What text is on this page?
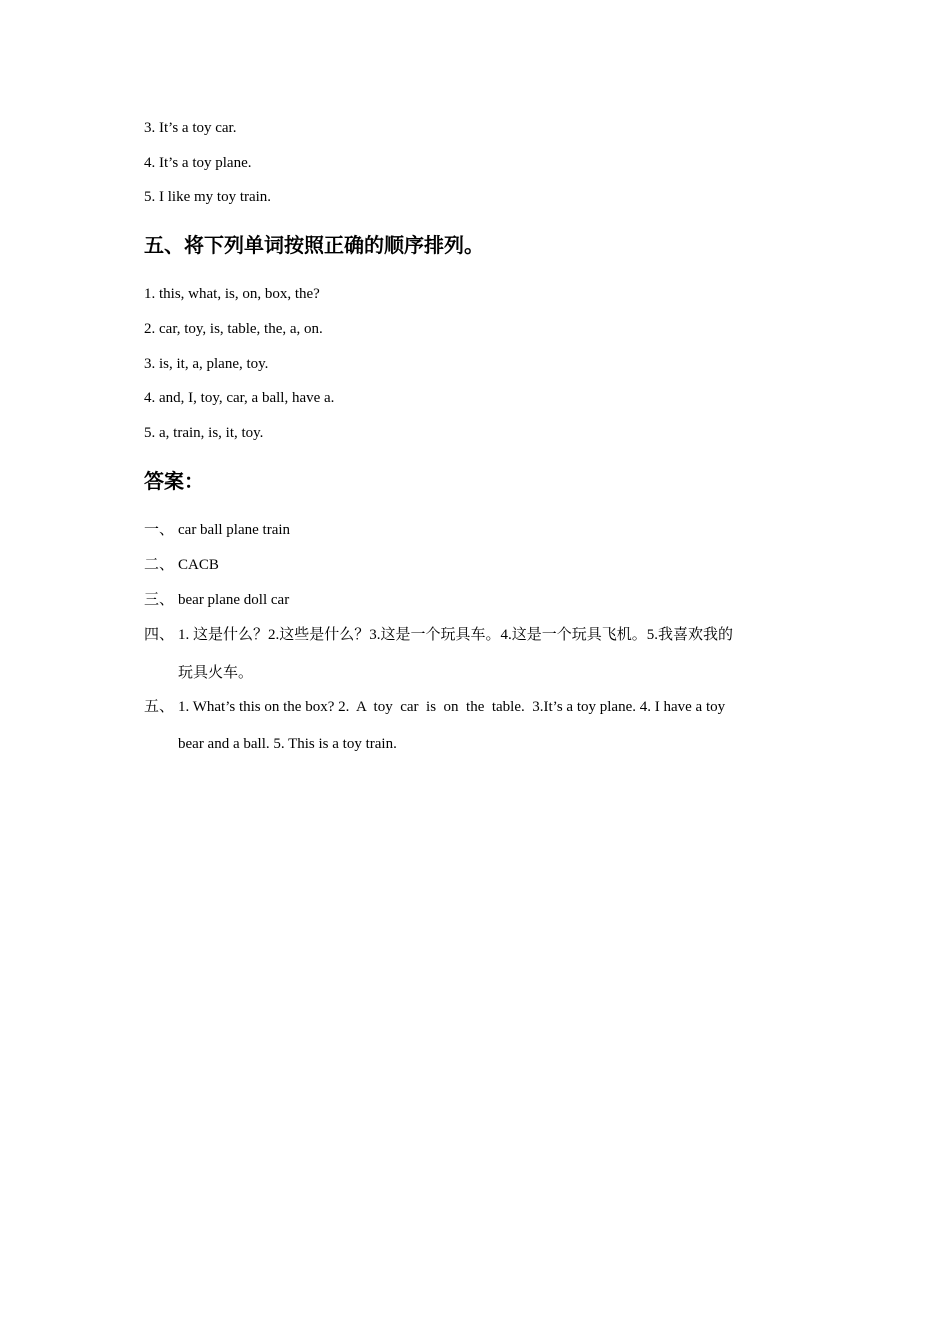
3. It’s a toy car.
4. It’s a toy plane.
5. I like my toy train.
五、将下列单词按照正确的顺序排列。
1. this, what, is, on, box, the?
2. car, toy, is, table, the, a, on.
3. is, it, a, plane, toy.
4. and, I, toy, car, a ball, have a.
5. a, train, is, it, toy.
答案：
一、 car ball plane train
二、 CACB
三、 bear plane doll car
四、 1. 这是什么？2.这些是什么？3.这是一个玩具车。4.这是一个玩具飞机。5.我喜欢我的
玩具火车。
五、 1. What’s this on the box? 2.  A  toy  car  is  on  the  table.  3.It’s a toy plane. 4. I have a toy
bear and a ball. 5. This is a toy train.
